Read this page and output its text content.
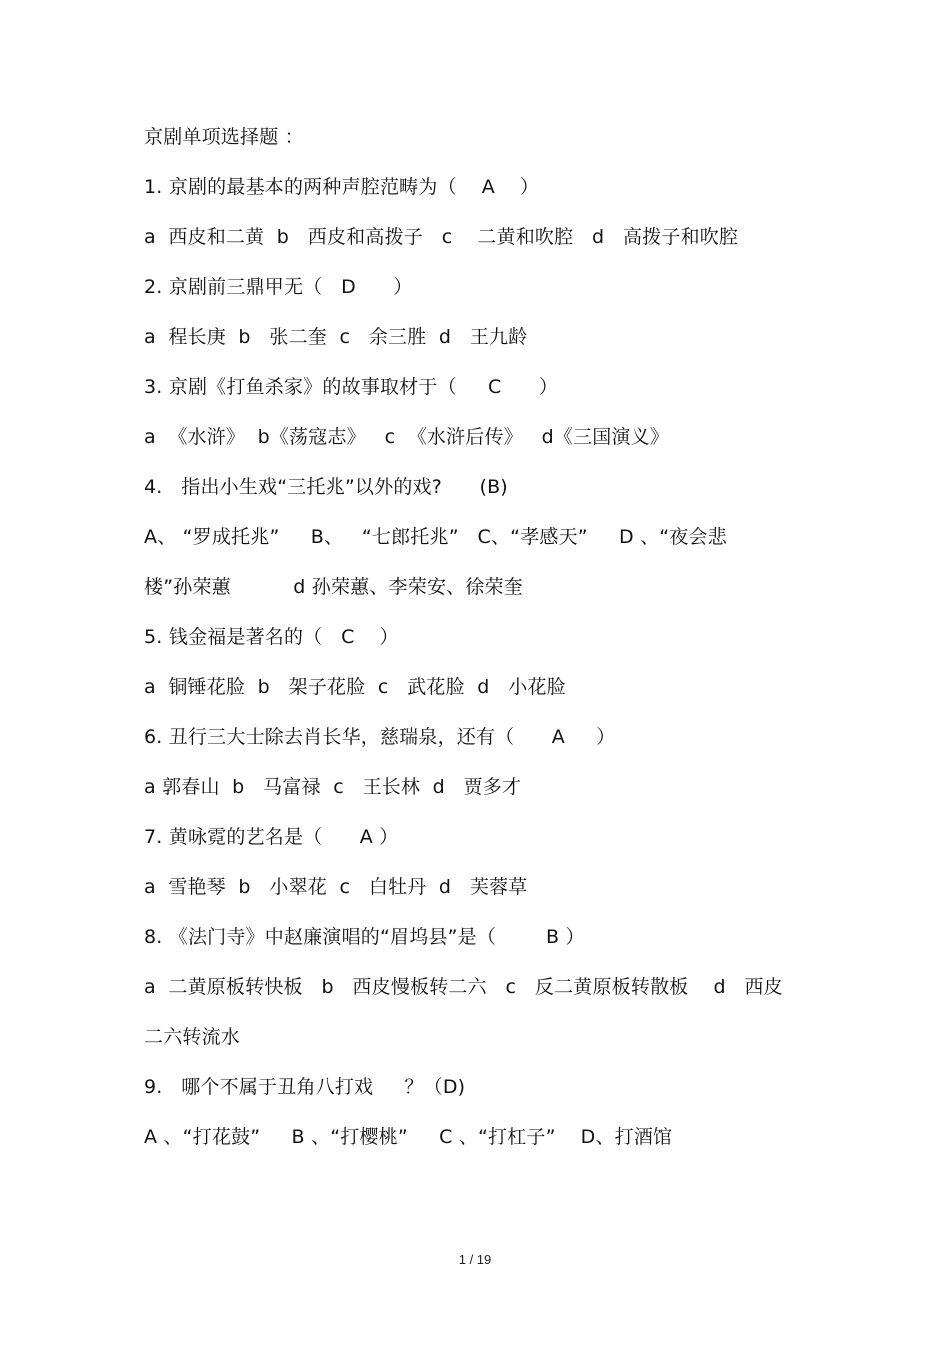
京剧单项选择题 ：
1. 京剧的最基本的两种声腔范畴为（    A    ）
a  西皮和二黄  b   西皮和高拨子   c    二黄和吹腔   d   高拨子和吹腔
2. 京剧前三鼎甲无（   D      ）
a  程长庚  b   张二奎  c   余三胜  d   王九龄
3. 京剧《打鱼杀家》的故事取材于（     C      ）
a  《水浒》  b《荡寇志》   c  《水浒后传》   d《三国演义》
4.   指出小生戏“三托兆”以外的戏?      (B)
A、 “罗成托兆”     B、   “七郎托兆”   C、“孝感天”     D 、“夜会悲
楼”孙荣蕙          d 孙荣蕙、李荣安、徐荣奎
5. 钱金福是著名的（   C    ）
a  铜锤花脸  b   架子花脸  c   武花脸  d   小花脸
6. 丑行三大士除去肖长华，慈瑞泉，还有（      A     ）
a 郭春山  b   马富禄  c   王长林  d   贾多才
7. 黄咏霓的艺名是（      A ）
a  雪艳琴  b   小翠花  c   白牡丹  d   芙蓉草
8. 《法门寺》中赵廉演唱的“眉坞县”是（        B ）
a  二黄原板转快板   b   西皮慢板转二六   c   反二黄原板转散板    d   西皮
二六转流水
9.   哪个不属于丑角八打戏     ？（D)
A 、“打花鼓”     B 、“打樱桃”     C 、“打杠子”    D、打酒馆
1 / 19
